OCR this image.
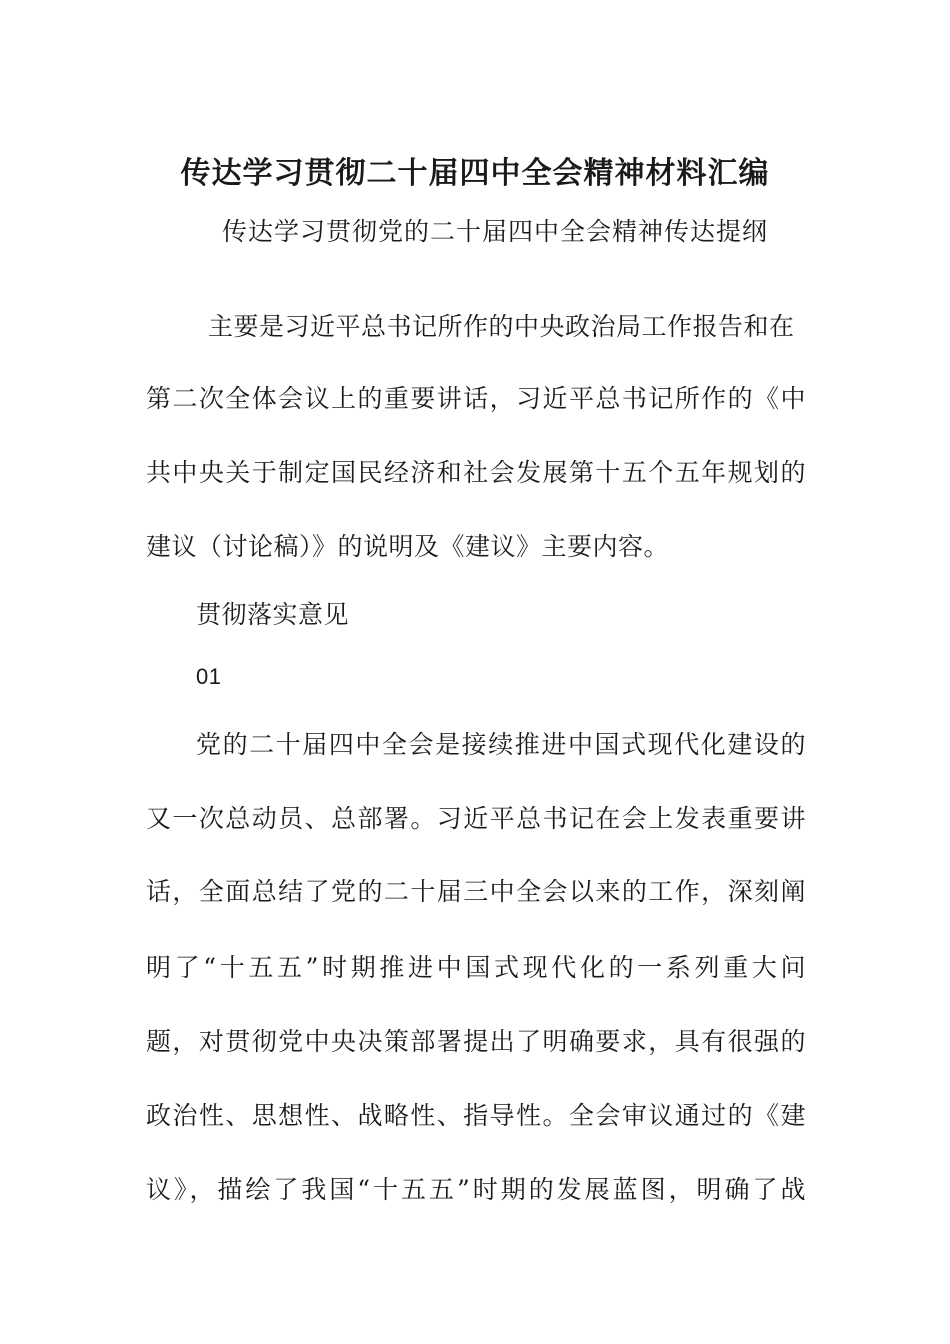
传达学习贯彻二十届四中全会精神材料汇编
传达学习贯彻党的二十届四中全会精神传达提纲
主要是习近平总书记所作的中央政治局工作报告和在
第二次全体会议上的重要讲话，习近平总书记所作的《中
共中央关于制定国民经济和社会发展第十五个五年规划的
建议（讨论稿）》的说明及《建议》主要内容。
贯彻落实意见
01
党的二十届四中全会是接续推进中国式现代化建设的
又一次总动员、总部署。习近平总书记在会上发表重要讲
话，全面总结了党的二十届三中全会以来的工作，深刻阐
明了“十五五”时期推进中国式现代化的一系列重大问
题，对贯彻党中央决策部署提出了明确要求，具有很强的
政治性、思想性、战略性、指导性。全会审议通过的《建
议》，描绘了我国“十五五”时期的发展蓝图，明确了战
